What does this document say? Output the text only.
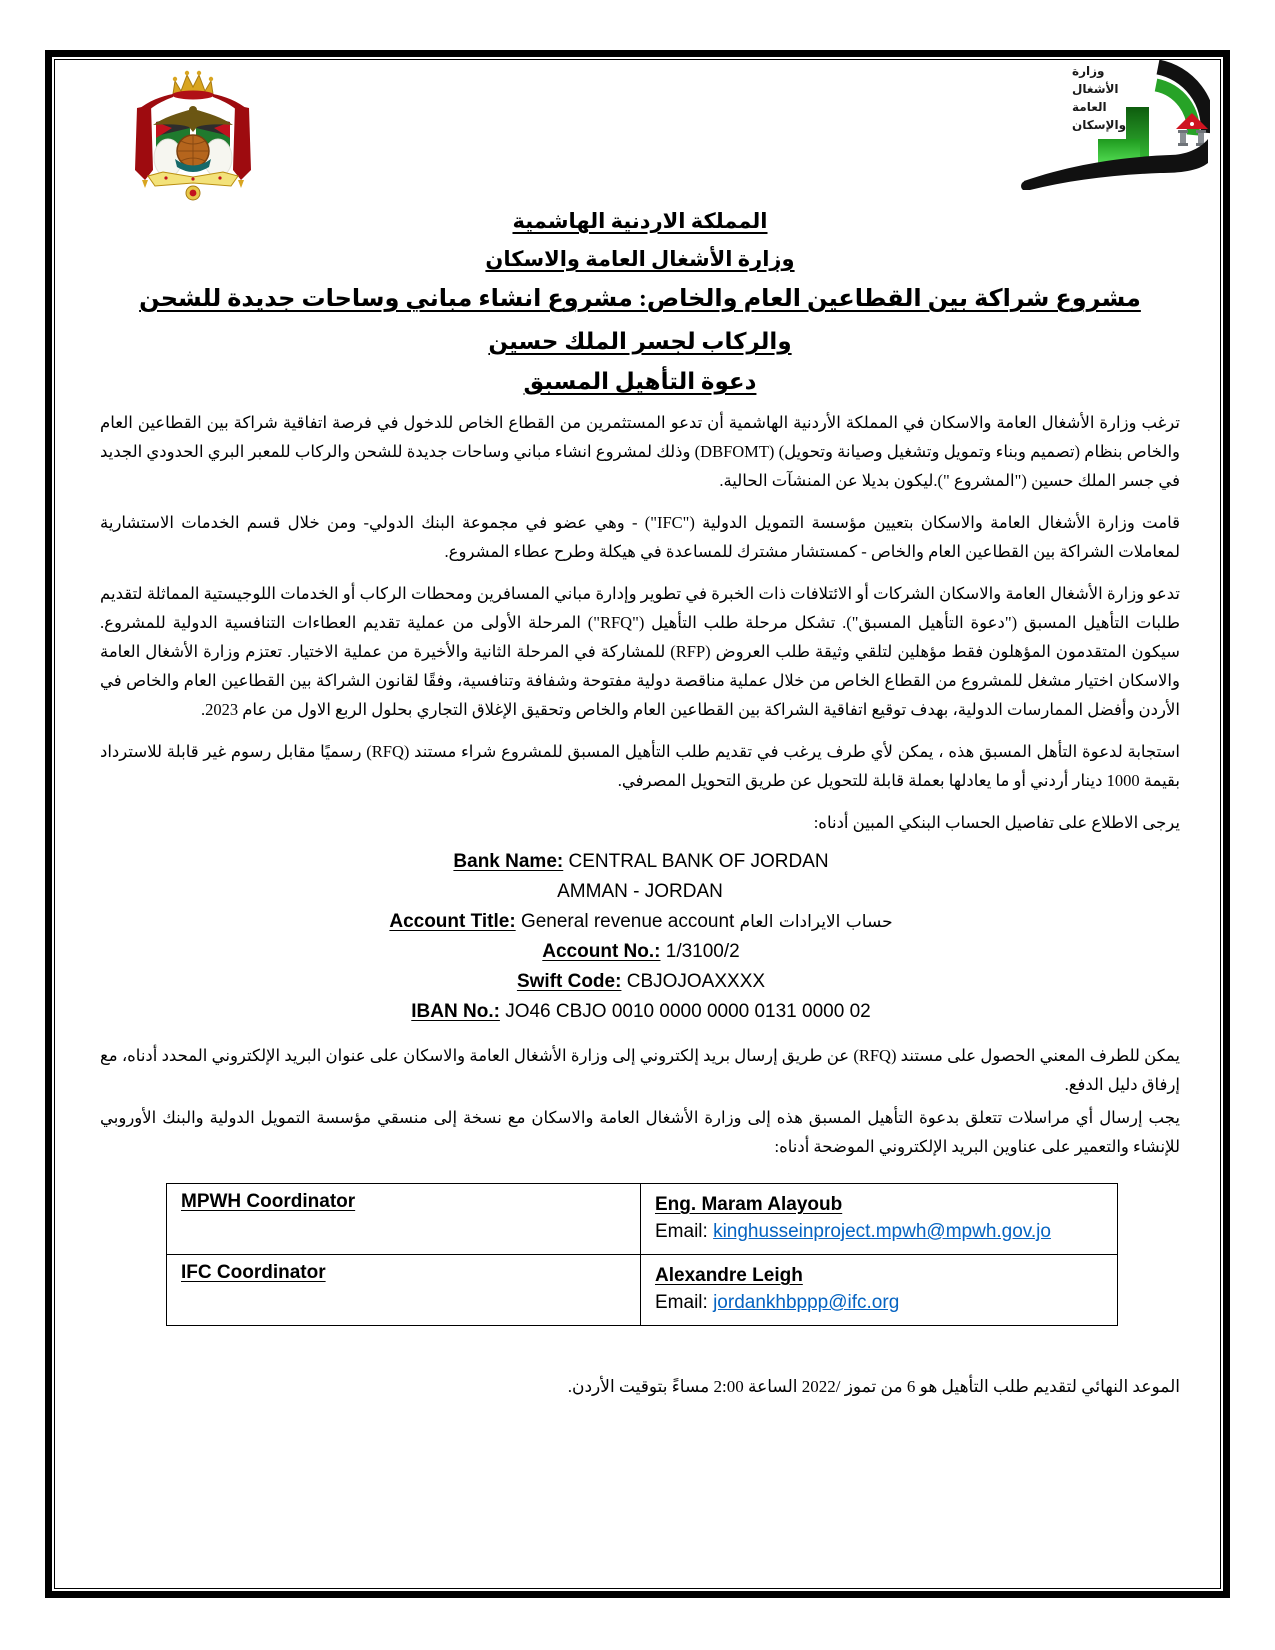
وزارة
الأشغال
العامة
والإسكان
المملكة الاردنية الهاشمية
وزارة الأشغال العامة والاسكان
مشروع شراكة بين القطاعين العام والخاص: مشروع انشاء مباني وساحات جديدة للشحن
والركاب لجسر الملك حسين
دعوة التأهيل المسبق

ترغب وزارة الأشغال العامة والاسكان في المملكة الأردنية الهاشمية أن تدعو المستثمرين من القطاع الخاص للدخول في فرصة اتفاقية شراكة بين القطاعين العام والخاص بنظام (تصميم وبناء وتمويل وتشغيل وصيانة وتحويل) (DBFOMT) وذلك لمشروع انشاء مباني وساحات جديدة للشحن والركاب للمعبر البري الحدودي الجديد في جسر الملك حسين ("المشروع ").ليكون بديلا عن المنشآت الحالية.

قامت وزارة الأشغال العامة والاسكان بتعيين مؤسسة التمويل الدولية ("IFC") - وهي عضو في مجموعة البنك الدولي- ومن خلال قسم الخدمات الاستشارية لمعاملات الشراكة بين القطاعين العام والخاص - كمستشار مشترك للمساعدة في هيكلة وطرح عطاء المشروع.

تدعو وزارة الأشغال العامة والاسكان الشركات أو الائتلافات ذات الخبرة في تطوير وإدارة مباني المسافرين ومحطات الركاب أو الخدمات اللوجيستية المماثلة لتقديم طلبات التأهيل المسبق ("دعوة التأهيل المسبق"). تشكل مرحلة طلب التأهيل ("RFQ") المرحلة الأولى من عملية تقديم العطاءات التنافسية الدولية للمشروع. سيكون المتقدمون المؤهلون فقط مؤهلين لتلقي وثيقة طلب العروض (RFP) للمشاركة في المرحلة الثانية والأخيرة من عملية الاختيار. تعتزم وزارة الأشغال العامة والاسكان اختيار مشغل للمشروع من القطاع الخاص من خلال عملية مناقصة دولية مفتوحة وشفافة وتنافسية، وفقًا لقانون الشراكة بين القطاعين العام والخاص في الأردن وأفضل الممارسات الدولية، بهدف توقيع اتفاقية الشراكة بين القطاعين العام والخاص وتحقيق الإغلاق التجاري بحلول الربع الاول من عام 2023.

استجابة لدعوة التأهل المسبق هذه ، يمكن لأي طرف يرغب في تقديم طلب التأهيل المسبق للمشروع شراء مستند (RFQ) رسميًا مقابل رسوم غير قابلة للاسترداد بقيمة 1000 دينار أردني أو ما يعادلها بعملة قابلة للتحويل عن طريق التحويل المصرفي.

يرجى الاطلاع على تفاصيل الحساب البنكي المبين أدناه:

Bank Name: CENTRAL BANK OF JORDAN
AMMAN - JORDAN
Account Title: General revenue account حساب الايرادات العام
Account No.: 1/3100/2
Swift Code: CBJOJOAXXXX
IBAN No.: JO46 CBJO 0010 0000 0000 0131 0000 02

يمكن للطرف المعني الحصول على مستند (RFQ) عن طريق إرسال بريد إلكتروني إلى وزارة الأشغال العامة والاسكان على عنوان البريد الإلكتروني المحدد أدناه، مع إرفاق دليل الدفع.

يجب إرسال أي مراسلات تتعلق بدعوة التأهيل المسبق هذه إلى وزارة الأشغال العامة والاسكان مع نسخة إلى منسقي مؤسسة التمويل الدولية والبنك الأوروبي للإنشاء والتعمير على عناوين البريد الإلكتروني الموضحة أدناه:

MPWH Coordinator	Eng. Maram Alayoub
Email: kinghusseinproject.mpwh@mpwh.gov.jo

IFC Coordinator	Alexandre Leigh
Email: jordankhbppp@ifc.org

الموعد النهائي لتقديم طلب التأهيل هو 6 من تموز /2022 الساعة 2:00 مساءً بتوقيت الأردن.
